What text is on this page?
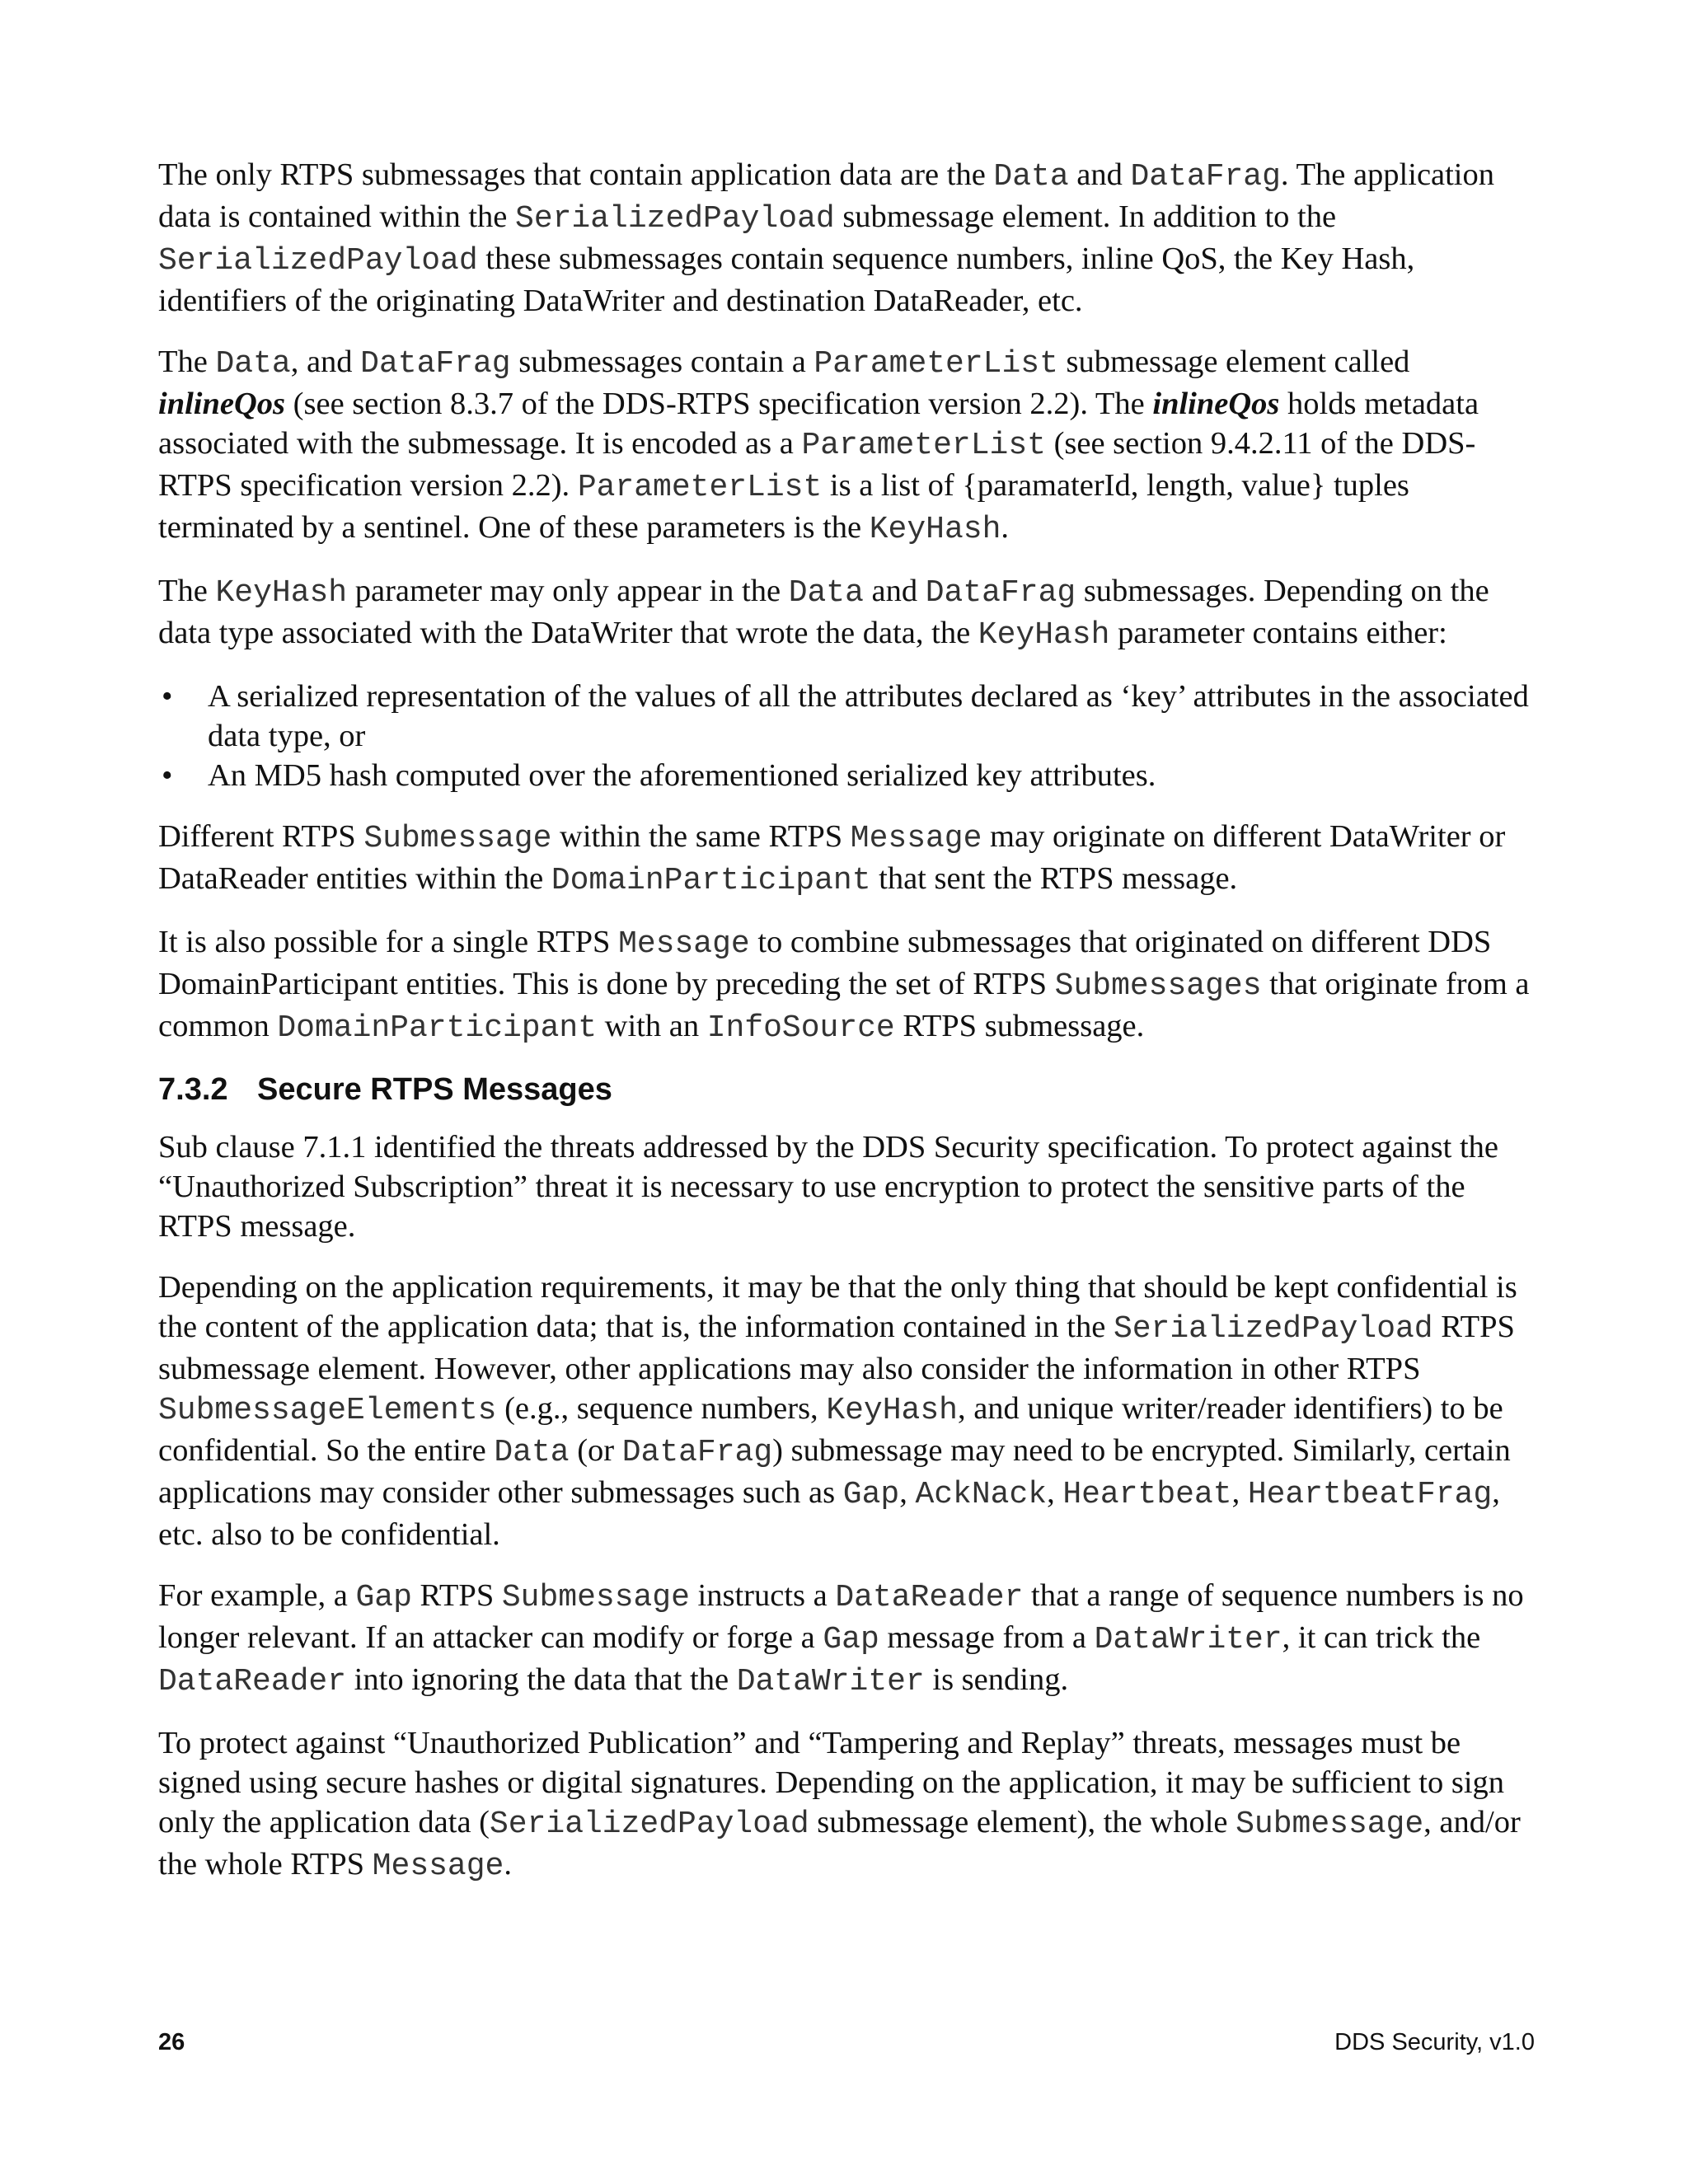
The only RTPS submessages that contain application data are the Data and DataFrag. The application data is contained within the SerializedPayload submessage element. In addition to the SerializedPayload these submessages contain sequence numbers, inline QoS, the Key Hash, identifiers of the originating DataWriter and destination DataReader, etc.

The Data, and DataFrag submessages contain a ParameterList submessage element called inlineQos (see section 8.3.7 of the DDS-RTPS specification version 2.2). The inlineQos holds metadata associated with the submessage. It is encoded as a ParameterList (see section 9.4.2.11 of the DDS-RTPS specification version 2.2). ParameterList is a list of {paramaterId, length, value} tuples terminated by a sentinel. One of these parameters is the KeyHash.

The KeyHash parameter may only appear in the Data and DataFrag submessages. Depending on the data type associated with the DataWriter that wrote the data, the KeyHash parameter contains either:

• A serialized representation of the values of all the attributes declared as ‘key’ attributes in the associated data type, or
• An MD5 hash computed over the aforementioned serialized key attributes.

Different RTPS Submessage within the same RTPS Message may originate on different DataWriter or DataReader entities within the DomainParticipant that sent the RTPS message.

It is also possible for a single RTPS Message to combine submessages that originated on different DDS DomainParticipant entities. This is done by preceding the set of RTPS Submessages that originate from a common DomainParticipant with an InfoSource RTPS submessage.

7.3.2 Secure RTPS Messages

Sub clause 7.1.1 identified the threats addressed by the DDS Security specification. To protect against the “Unauthorized Subscription” threat it is necessary to use encryption to protect the sensitive parts of the RTPS message.

Depending on the application requirements, it may be that the only thing that should be kept confidential is the content of the application data; that is, the information contained in the SerializedPayload RTPS submessage element. However, other applications may also consider the information in other RTPS SubmessageElements (e.g., sequence numbers, KeyHash, and unique writer/reader identifiers) to be confidential. So the entire Data (or DataFrag) submessage may need to be encrypted. Similarly, certain applications may consider other submessages such as Gap, AckNack, Heartbeat, HeartbeatFrag, etc. also to be confidential.

For example, a Gap RTPS Submessage instructs a DataReader that a range of sequence numbers is no longer relevant. If an attacker can modify or forge a Gap message from a DataWriter, it can trick the DataReader into ignoring the data that the DataWriter is sending.

To protect against “Unauthorized Publication” and “Tampering and Replay” threats, messages must be signed using secure hashes or digital signatures. Depending on the application, it may be sufficient to sign only the application data (SerializedPayload submessage element), the whole Submessage, and/or the whole RTPS Message.

26	DDS Security, v1.0
